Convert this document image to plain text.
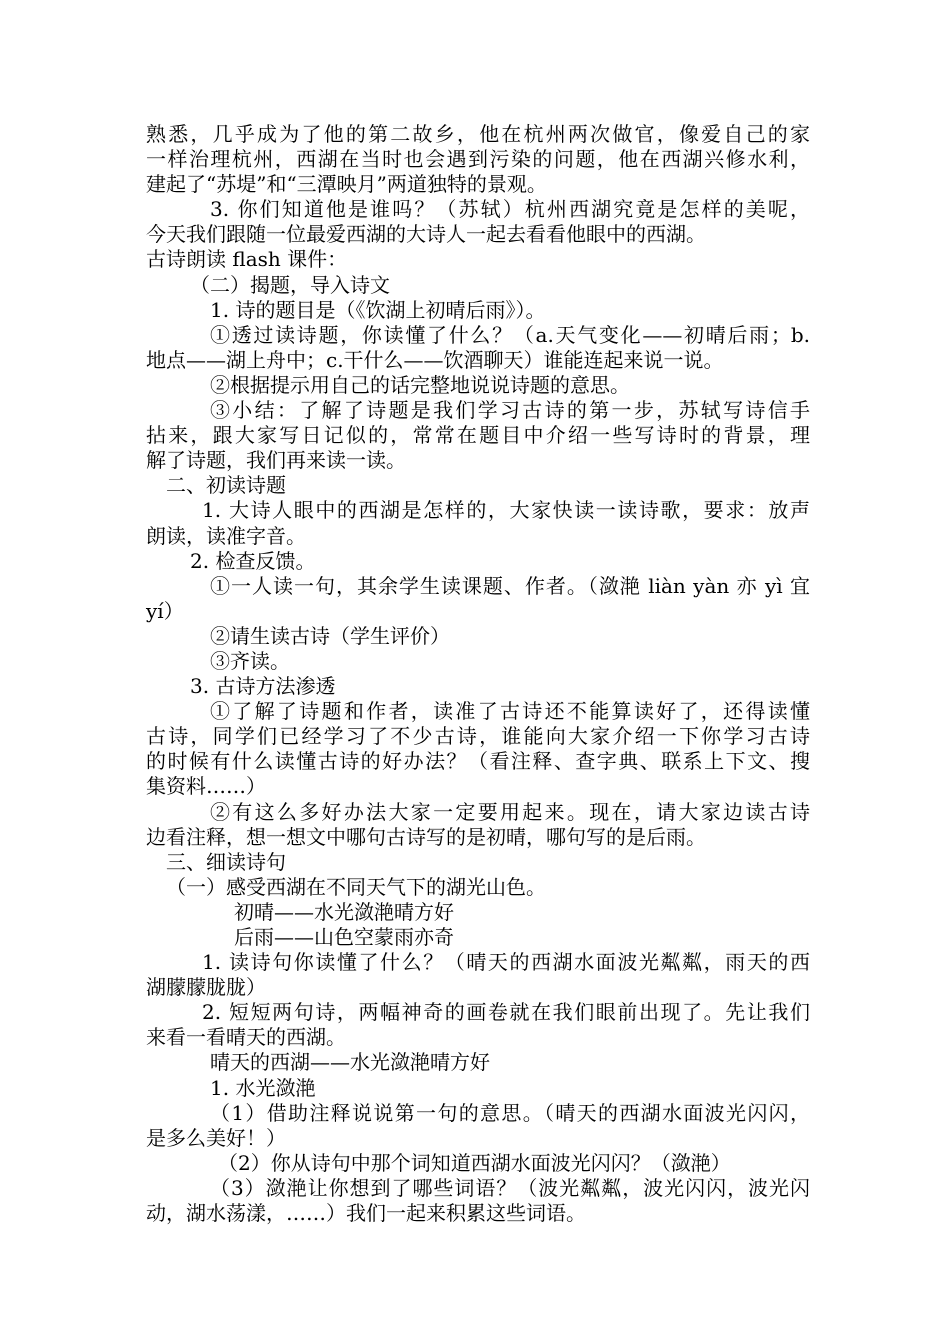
熟悉，几乎成为了他的第二故乡，他在杭州两次做官，像爱自己的家
一样治理杭州，西湖在当时也会遇到污染的问题，他在西湖兴修水利，
建起了“苏堤”和“三潭映月”两道独特的景观。
3. 你们知道他是谁吗？（苏轼）杭州西湖究竟是怎样的美呢，
今天我们跟随一位最爱西湖的大诗人一起去看看他眼中的西湖。
古诗朗读 flash 课件：
（二）揭题，导入诗文
1. 诗的题目是（《饮湖上初晴后雨》）。
①透过读诗题，你读懂了什么？（a.天气变化——初晴后雨；b.
地点——湖上舟中；c.干什么——饮酒聊天）谁能连起来说一说。
②根据提示用自己的话完整地说说诗题的意思。
③小结：了解了诗题是我们学习古诗的第一步，苏轼写诗信手
拈来，跟大家写日记似的，常常在题目中介绍一些写诗时的背景，理
解了诗题，我们再来读一读。
二、初读诗题
1. 大诗人眼中的西湖是怎样的，大家快读一读诗歌，要求：放声
朗读，读准字音。
2. 检查反馈。
①一人读一句，其余学生读课题、作者。（潋滟 liàn yàn 亦 yì 宜
yí）
②请生读古诗（学生评价）
③齐读。
3. 古诗方法渗透
①了解了诗题和作者，读准了古诗还不能算读好了，还得读懂
古诗，同学们已经学习了不少古诗，谁能向大家介绍一下你学习古诗
的时候有什么读懂古诗的好办法？（看注释、查字典、联系上下文、搜
集资料……）
②有这么多好办法大家一定要用起来。现在，请大家边读古诗
边看注释，想一想文中哪句古诗写的是初晴，哪句写的是后雨。
三、细读诗句
（一）感受西湖在不同天气下的湖光山色。
初晴——水光潋滟晴方好
后雨——山色空蒙雨亦奇
1. 读诗句你读懂了什么？（晴天的西湖水面波光粼粼，雨天的西
湖朦朦胧胧）
2. 短短两句诗，两幅神奇的画卷就在我们眼前出现了。先让我们
来看一看晴天的西湖。
晴天的西湖——水光潋滟晴方好
1. 水光潋滟
（1）借助注释说说第一句的意思。（晴天的西湖水面波光闪闪，
是多么美好！）
（2）你从诗句中那个词知道西湖水面波光闪闪？（潋滟）
（3）潋滟让你想到了哪些词语？（波光粼粼，波光闪闪，波光闪
动，湖水荡漾，……）我们一起来积累这些词语。
